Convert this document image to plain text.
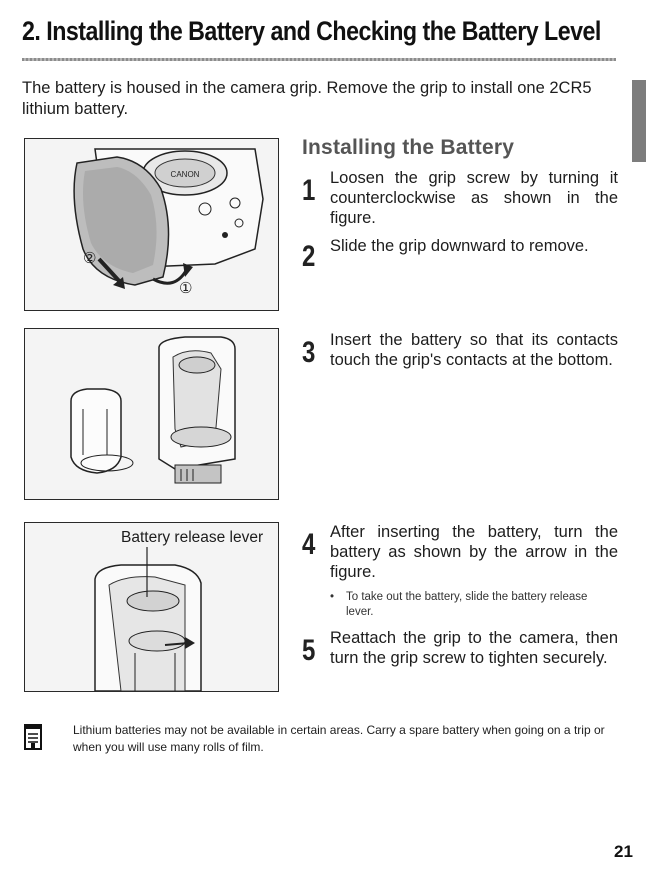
2. Installing the Battery and Checking the Battery Level
The battery is housed in the camera grip. Remove the grip to install one 2CR5 lithium battery.
CANON
②
①
Battery release lever
Installing the Battery
1 Loosen the grip screw by turning it counterclockwise as shown in the figure.
2 Slide the grip downward to remove.
3 Insert the battery so that its contacts touch the grip's contacts at the bottom.
4 After inserting the battery, turn the battery as shown by the arrow in the figure.
• To take out the battery, slide the battery release lever.
5 Reattach the grip to the camera, then turn the grip screw to tighten securely.
Lithium batteries may not be available in certain areas. Carry a spare battery when going on a trip or when you will use many rolls of film.
21
